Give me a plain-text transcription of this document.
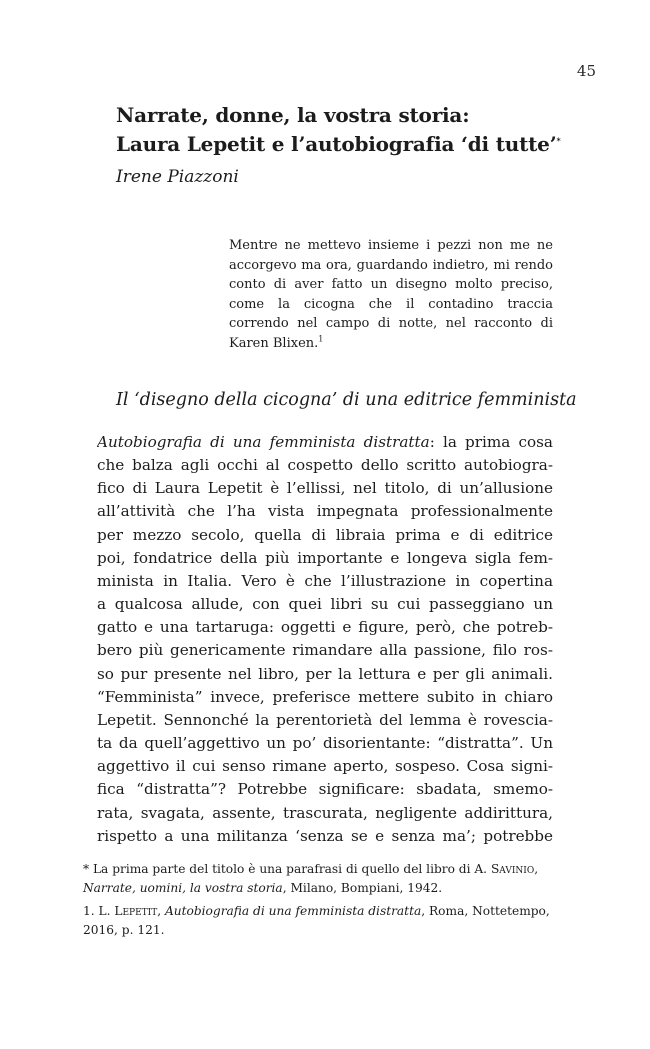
45
Narrate, donne, la vostra storia:
Laura Lepetit e l’autobiografia ‘di tutte’*
Irene Piazzoni
Mentre ne mettevo insieme i pezzi non me ne accorgevo ma ora, guardando indietro, mi rendo conto di aver fatto un disegno molto preciso, come la cicogna che il contadino traccia correndo nel campo di notte, nel racconto di Karen Blixen.$^1$
Il ‘disegno della cicogna’ di una editrice femminista
Autobiografia di una femminista distratta: la prima cosa
che balza agli occhi al cospetto dello scritto autobiogra-
fico di Laura Lepetit è l’ellissi, nel titolo, di un’allusione
all’attività che l’ha vista impegnata professionalmente
per mezzo secolo, quella di libraia prima e di editrice
poi, fondatrice della più importante e longeva sigla fem-
minista in Italia. Vero è che l’illustrazione in copertina
a qualcosa allude, con quei libri su cui passeggiano un
gatto e una tartaruga: oggetti e figure, però, che potreb-
bero più genericamente rimandare alla passione, filo ros-
so pur presente nel libro, per la lettura e per gli animali.
“Femminista” invece, preferisce mettere subito in chiaro
Lepetit. Sennonché la perentorietà del lemma è rovescia-
ta da quell’aggettivo un po’ disorientante: “distratta”. Un
aggettivo il cui senso rimane aperto, sospeso. Cosa signi-
fica “distratta”? Potrebbe significare: sbadata, smemo-
rata, svagata, assente, trascurata, negligente addirittura,
rispetto a una militanza ‘senza se e senza ma’; potrebbe
* La prima parte del titolo è una parafrasi di quello del libro di A. Savinio,
Narrate, uomini, la vostra storia, Milano, Bompiani, 1942.
1. L. Lepetit, Autobiografia di una femminista distratta, Roma, Nottetempo,
2016, p. 121.
